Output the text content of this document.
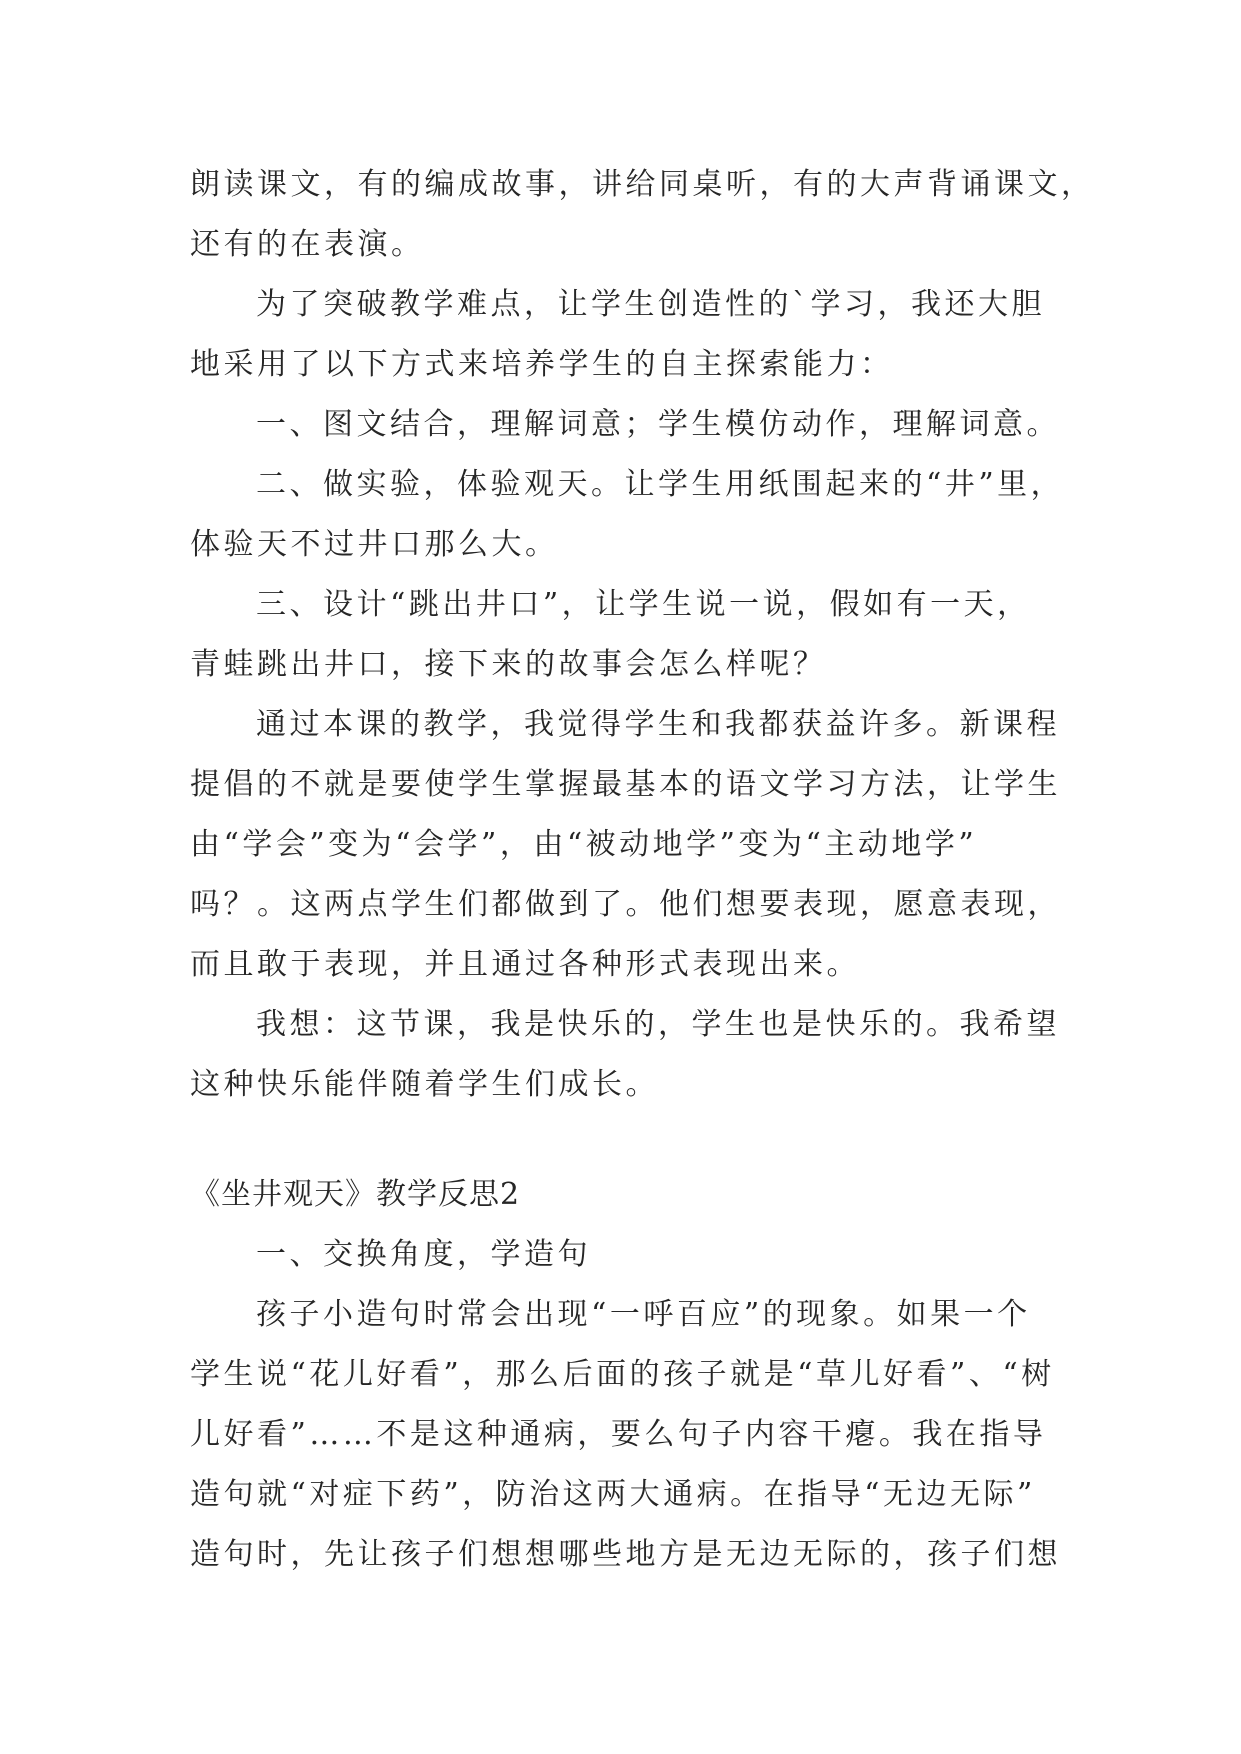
朗读课文，有的编成故事，讲给同桌听，有的大声背诵课文，
还有的在表演。
为了突破教学难点，让学生创造性的`学习，我还大胆
地采用了以下方式来培养学生的自主探索能力：
一、图文结合，理解词意；学生模仿动作，理解词意。
二、做实验，体验观天。让学生用纸围起来的“井”里，
体验天不过井口那么大。
三、设计“跳出井口”，让学生说一说，假如有一天，
青蛙跳出井口，接下来的故事会怎么样呢？
通过本课的教学，我觉得学生和我都获益许多。新课程
提倡的不就是要使学生掌握最基本的语文学习方法，让学生
由“学会”变为“会学”，由“被动地学”变为“主动地学”
吗？。这两点学生们都做到了。他们想要表现，愿意表现，
而且敢于表现，并且通过各种形式表现出来。
我想：这节课，我是快乐的，学生也是快乐的。我希望
这种快乐能伴随着学生们成长。
《坐井观天》教学反思2
一、交换角度，学造句
孩子小造句时常会出现“一呼百应”的现象。如果一个
学生说“花儿好看”，那么后面的孩子就是“草儿好看”、“树
儿好看”……不是这种通病，要么句子内容干瘪。我在指导
造句就“对症下药”，防治这两大通病。在指导“无边无际”
造句时，先让孩子们想想哪些地方是无边无际的，孩子们想
